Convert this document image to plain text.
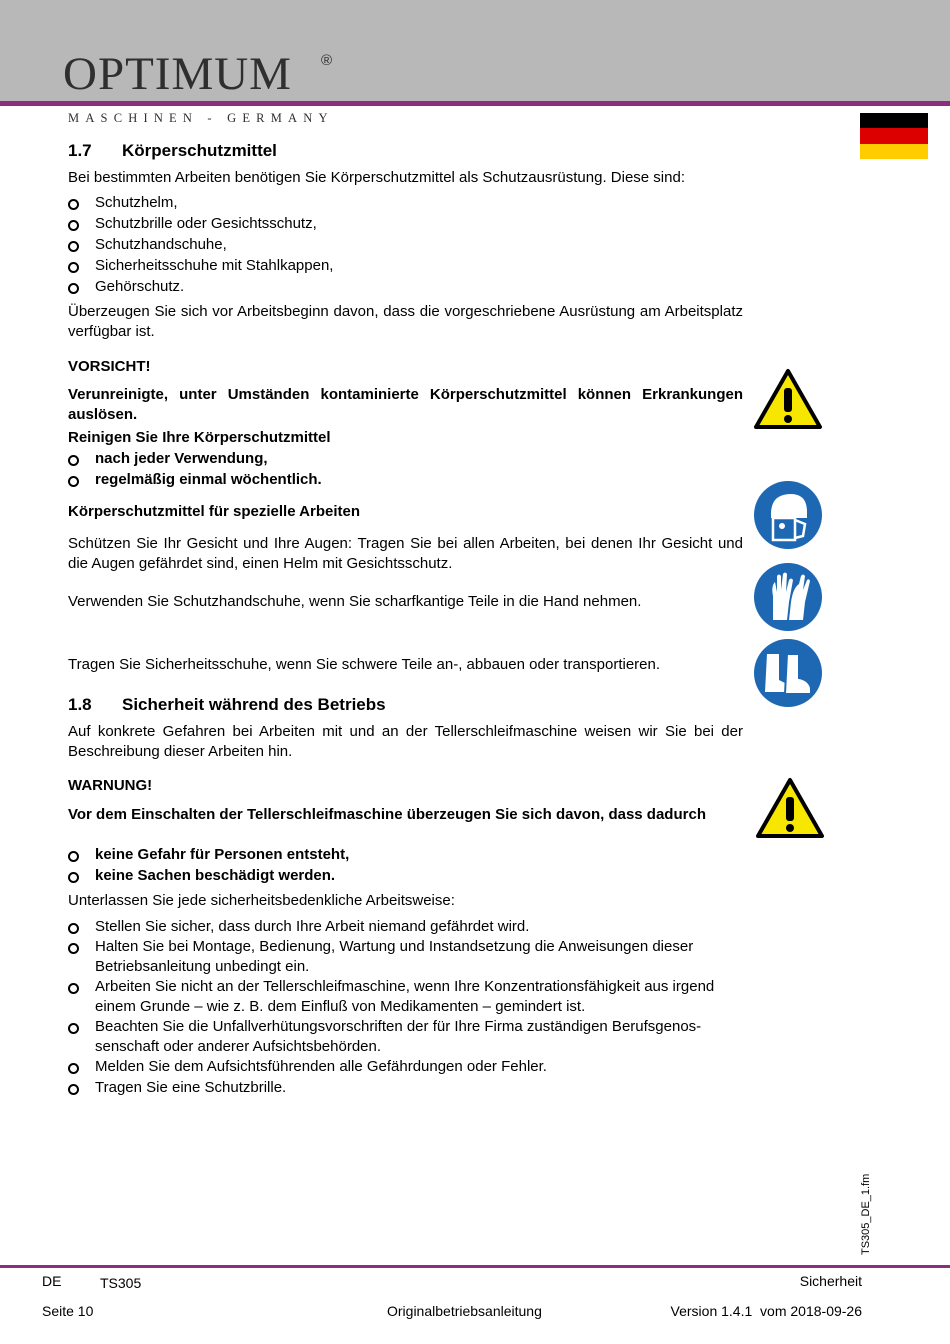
OPTIMUM ®
MASCHINEN - GERMANY
1.7 Körperschutzmittel
Bei bestimmten Arbeiten benötigen Sie Körperschutzmittel als Schutzausrüstung. Diese sind:
Schutzhelm,
Schutzbrille oder Gesichtsschutz,
Schutzhandschuhe,
Sicherheitsschuhe mit Stahlkappen,
Gehörschutz.
Überzeugen Sie sich vor Arbeitsbeginn davon, dass die vorgeschriebene Ausrüstung am Arbeitsplatz verfügbar ist.
VORSICHT!
Verunreinigte, unter Umständen kontaminierte Körperschutzmittel können Erkrankungen auslösen.
Reinigen Sie Ihre Körperschutzmittel
nach jeder Verwendung,
regelmäßig einmal wöchentlich.
Körperschutzmittel für spezielle Arbeiten
Schützen Sie Ihr Gesicht und Ihre Augen: Tragen Sie bei allen Arbeiten, bei denen Ihr Gesicht und die Augen gefährdet sind, einen Helm mit Gesichtsschutz.
Verwenden Sie Schutzhandschuhe, wenn Sie scharfkantige Teile in die Hand nehmen.
Tragen Sie Sicherheitsschuhe, wenn Sie schwere Teile an-, abbauen oder transportieren.
1.8 Sicherheit während des Betriebs
Auf konkrete Gefahren bei Arbeiten mit und an der Tellerschleifmaschine weisen wir Sie bei der Beschreibung dieser Arbeiten hin.
WARNUNG!
Vor dem Einschalten der Tellerschleifmaschine überzeugen Sie sich davon, dass dadurch
keine Gefahr für Personen entsteht,
keine Sachen beschädigt werden.
Unterlassen Sie jede sicherheitsbedenkliche Arbeitsweise:
Stellen Sie sicher, dass durch Ihre Arbeit niemand gefährdet wird.
Halten Sie bei Montage, Bedienung, Wartung und Instandsetzung die Anweisungen dieser Betriebsanleitung unbedingt ein.
Arbeiten Sie nicht an der Tellerschleifmaschine, wenn Ihre Konzentrationsfähigkeit aus irgend einem Grunde – wie z. B. dem Einfluß von Medikamenten – gemindert ist.
Beachten Sie die Unfallverhütungsvorschriften der für Ihre Firma zuständigen Berufsgenos-senschaft oder anderer Aufsichtsbehörden.
Melden Sie dem Aufsichtsführenden alle Gefährdungen oder Fehler.
Tragen Sie eine Schutzbrille.
TS305_DE_1.fm
DE	TS305	Sicherheit
Seite 10	Originalbetriebsanleitung	Version 1.4.1 vom 2018-09-26
